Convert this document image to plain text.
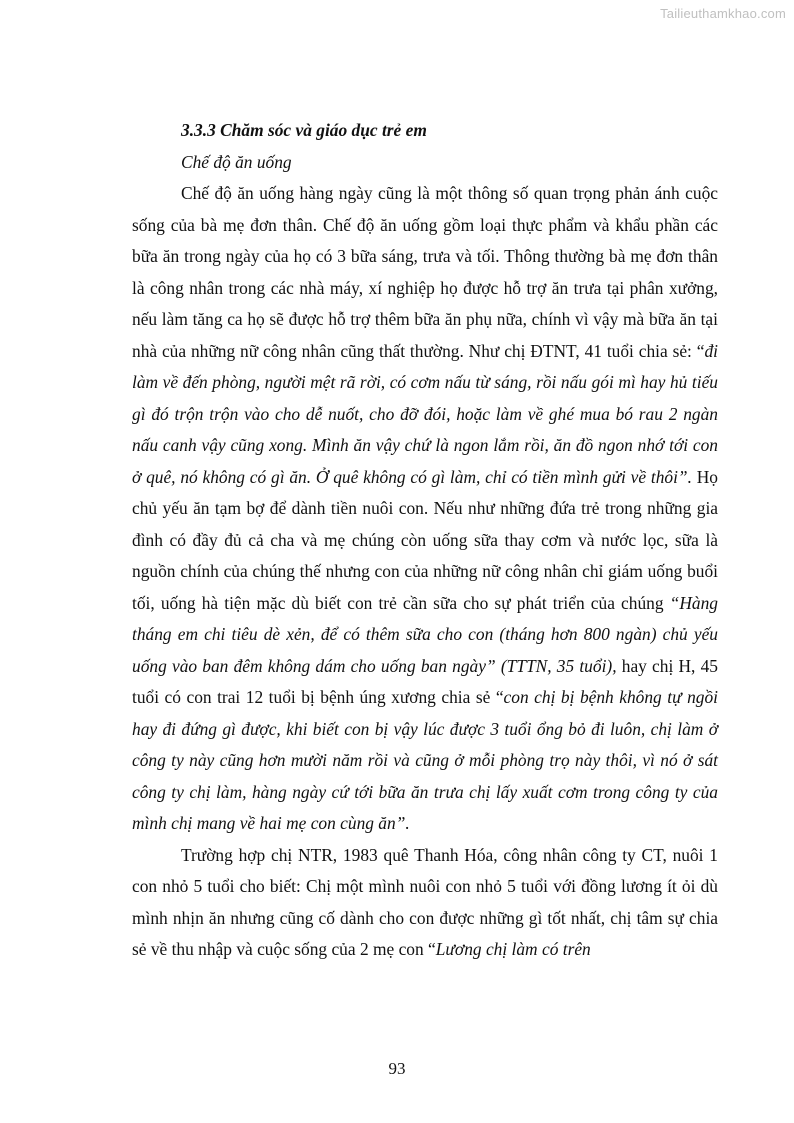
Tailieuthamkhao.com

3.3.3 Chăm sóc và giáo dục trẻ em

Chế độ ăn uống

Chế độ ăn uống hàng ngày cũng là một thông số quan trọng phản ánh cuộc sống của bà mẹ đơn thân. Chế độ ăn uống gồm loại thực phẩm và khẩu phần các bữa ăn trong ngày của họ có 3 bữa sáng, trưa và tối. Thông thường bà mẹ đơn thân là công nhân trong các nhà máy, xí nghiệp họ được hỗ trợ ăn trưa tại phân xưởng, nếu làm tăng ca họ sẽ được hỗ trợ thêm bữa ăn phụ nữa, chính vì vậy mà bữa ăn tại nhà của những nữ công nhân cũng thất thường. Như chị ĐTNT, 41 tuổi chia sẻ: “đi làm về đến phòng, người mệt rã rời, có cơm nấu từ sáng, rồi nấu gói mì hay hủ tiếu gì đó trộn trộn vào cho dễ nuốt, cho đỡ đói, hoặc làm về ghé mua bó rau 2 ngàn nấu canh vậy cũng xong. Mình ăn vậy chứ là ngon lắm rồi, ăn đồ ngon nhớ tới con ở quê, nó không có gì ăn. Ở quê không có gì làm, chỉ có tiền mình gửi về thôi”. Họ chủ yếu ăn tạm bợ để dành tiền nuôi con. Nếu như những đứa trẻ trong những gia đình có đầy đủ cả cha và mẹ chúng còn uống sữa thay cơm và nước lọc, sữa là nguồn chính của chúng thế nhưng con của những nữ công nhân chỉ giám uống buổi tối, uống hà tiện mặc dù biết con trẻ cần sữa cho sự phát triển của chúng “Hàng tháng em chi tiêu dè xẻn, để có thêm sữa cho con (tháng hơn 800 ngàn) chủ yếu uống vào ban đêm không dám cho uống ban ngày” (TTTN, 35 tuổi), hay chị H, 45 tuổi có con trai 12 tuổi bị bệnh úng xương chia sẻ “con chị bị bệnh không tự ngồi hay đi đứng gì được, khi biết con bị vậy lúc được 3 tuổi ổng bỏ đi luôn, chị làm ở công ty này cũng hơn mười năm rồi và cũng ở mỗi phòng trọ này thôi, vì nó ở sát công ty chị làm, hàng ngày cứ tới bữa ăn trưa chị lấy xuất cơm trong công ty của mình chị mang về hai mẹ con cùng ăn”.

Trường hợp chị NTR, 1983 quê Thanh Hóa, công nhân công ty CT, nuôi 1 con nhỏ 5 tuổi cho biết: Chị một mình nuôi con nhỏ 5 tuổi với đồng lương ít ỏi dù mình nhịn ăn nhưng cũng cố dành cho con được những gì tốt nhất, chị tâm sự chia sẻ về thu nhập và cuộc sống của 2 mẹ con “Lương chị làm có trên

93
